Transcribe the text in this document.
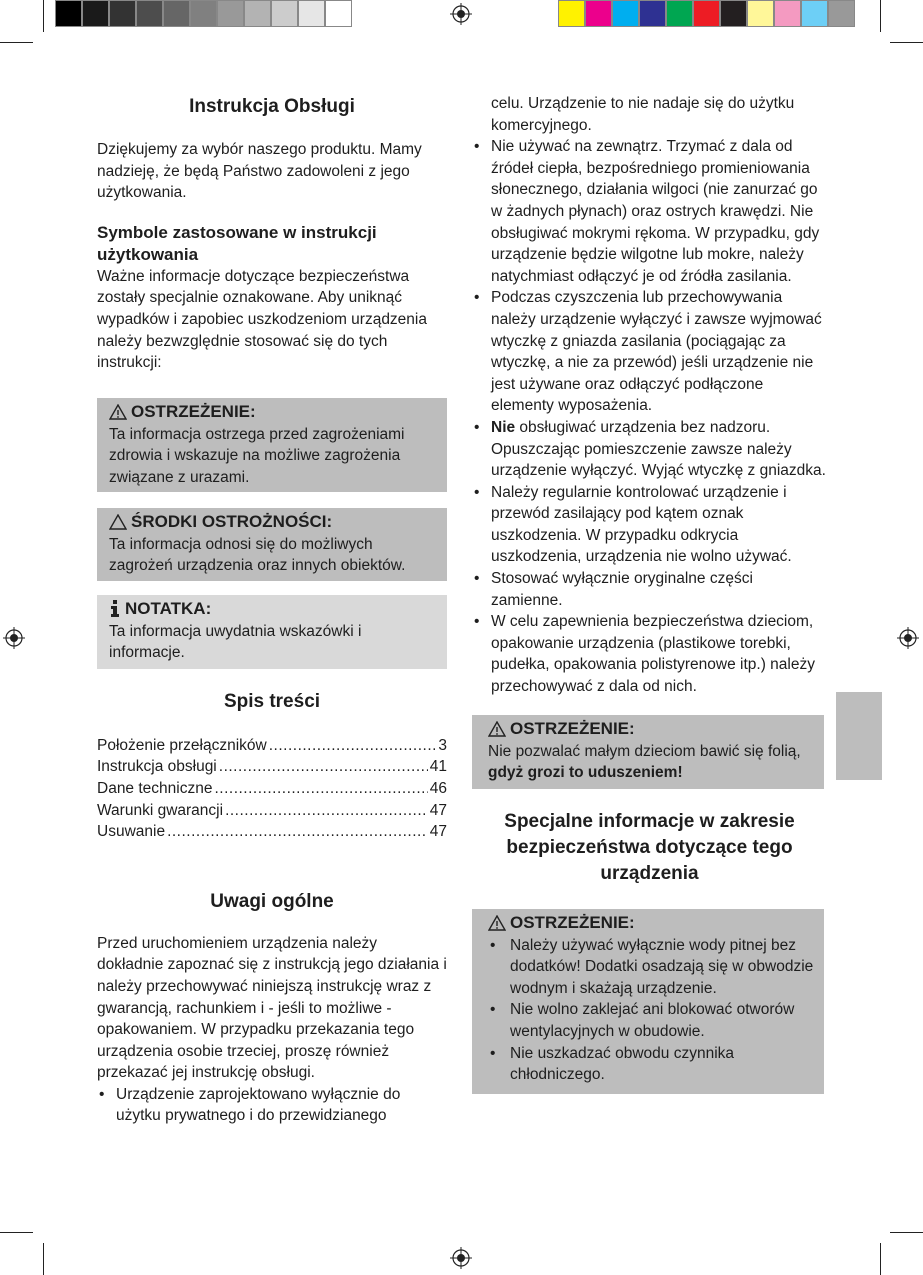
Instrukcja Obsługi

Dziękujemy za wybór naszego produktu. Mamy nadzieję, że będą Państwo zadowoleni z jego użytkowania.

Symbole zastosowane w instrukcji użytkowania

Ważne informacje dotyczące bezpieczeństwa zostały specjalnie oznakowane. Aby uniknąć wypadków i zapobiec uszkodzeniom urządzenia należy bezwzględnie stosować się do tych instrukcji:

OSTRZEŻENIE:
Ta informacja ostrzega przed zagrożeniami zdrowia i wskazuje na możliwe zagrożenia związane z urazami.
ŚRODKI OSTROŻNOŚCI:
Ta informacja odnosi się do możliwych zagrożeń urządzenia oraz innych obiektów.
NOTATKA:
Ta informacja uwydatnia wskazówki i informacje.
Spis treści
Położenie przełączników .....	3
Instrukcja obsługi .....	41
Dane techniczne .....	46
Warunki gwarancji .....	47
Usuwanie .....	47
Uwagi ogólne

Przed uruchomieniem urządzenia należy dokładnie zapoznać się z instrukcją jego działania i należy przechowywać niniejszą instrukcję wraz z gwarancją, rachunkiem i - jeśli to możliwe - opakowaniem. W przypadku przekazania tego urządzenia osobie trzeciej, proszę również przekazać jej instrukcję obsługi.

• Urządzenie zaprojektowano wyłącznie do użytku prywatnego i do przewidzianego

celu. Urządzenie to nie nadaje się do użytku komercyjnego.

• Nie używać na zewnątrz. Trzymać z dala od źródeł ciepła, bezpośredniego promieniowania słonecznego, działania wilgoci (nie zanurzać go w żadnych płynach) oraz ostrych krawędzi. Nie obsługiwać mokrymi rękoma. W przypadku, gdy urządzenie będzie wilgotne lub mokre, należy natychmiast odłączyć je od źródła zasilania.
• Podczas czyszczenia lub przechowywania należy urządzenie wyłączyć i zawsze wyjmować wtyczkę z gniazda zasilania (pociągając za wtyczkę, a nie za przewód) jeśli urządzenie nie jest używane oraz odłączyć podłączone elementy wyposażenia.
• Nie obsługiwać urządzenia bez nadzoru. Opuszczając pomieszczenie zawsze należy urządzenie wyłączyć. Wyjąć wtyczkę z gniazdka.
• Należy regularnie kontrolować urządzenie i przewód zasilający pod kątem oznak uszkodzenia. W przypadku odkrycia uszkodzenia, urządzenia nie wolno używać.
• Stosować wyłącznie oryginalne części zamienne.
• W celu zapewnienia bezpieczeństwa dzieciom, opakowanie urządzenia (plastikowe torebki, pudełka, opakowania polistyrenowe itp.) należy przechowywać z dala od nich.
OSTRZEŻENIE:
Nie pozwalać małym dzieciom bawić się folią,
gdyż grozi to uduszeniem!
Specjalne informacje w zakresie bezpieczeństwa dotyczące tego urządzenia
OSTRZEŻENIE:
• Należy używać wyłącznie wody pitnej bez dodatków! Dodatki osadzają się w obwodzie wodnym i skażają urządzenie.
• Nie wolno zaklejać ani blokować otworów wentylacyjnych w obudowie.
• Nie uszkadzać obwodu czynnika chłodniczego.
